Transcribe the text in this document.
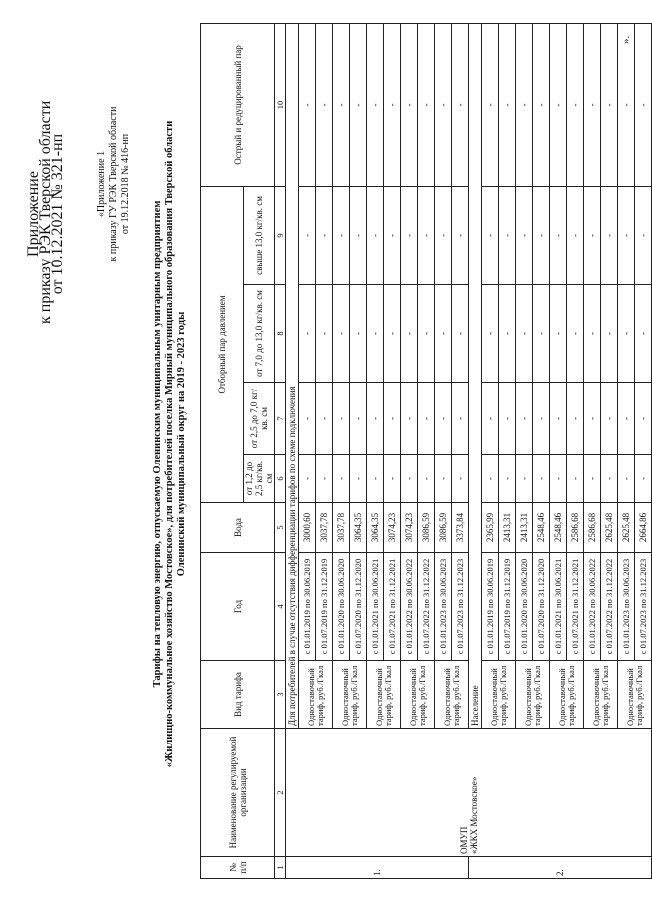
Приложение
к приказу РЭК Тверской области
от 10.12.2021 № 321-нп	«Приложение 1 к приказу ГУ РЭК Тверской области от 19.12.2018 № 416-нп
Тарифы на тепловую энергию, отпускаемую Оленинским муниципальным унитарным предприятием «Жилищно-коммунальное хозяйство Мостовское», для потребителей поселка Мирный муниципального образования Тверской области Оленинский муниципальный округ на 2019 - 2023 годы
№ п/п	Наименование регулируемой организации	Вид тарифа	Год	Вода	Отборный пар давлением				Острый и редуцированный пар
					от 1,2 до 2,5 кг/кв. см	от 2,5 до 7,0 кг/кв. см	от 7,0 до 13,0 кг/кв. см	свыше 13,0 кг/кв. см	
1	2	3	4	5	6	7	8	9	10
1.	ОМУП «ЖКХ Мостовское»	Для потребителей в случае отсутствия дифференциации тарифов по схеме подключения							

		Одноставочный тариф, руб./Гкал	с 01.01.2019 по 30.06.2019	3000,60	-	-	-	-	-
			с 01.07.2019 по 31.12.2019	3037,78	-	-	-	-	-

		Одноставочный тариф, руб./Гкал	с 01.01.2020 по 30.06.2020	3037,78	-	-	-	-	-
			с 01.07.2020 по 31.12.2020	3064,35	-	-	-	-	-

		Одноставочный тариф, руб./Гкал	с 01.01.2021 по 30.06.2021	3064,35	-	-	-	-	-
			с 01.07.2021 по 31.12.2021	3074,23	-	-	-	-	-

		Одноставочный тариф, руб./Гкал	с 01.01.2022 по 30.06.2022	3074,23	-	-	-	-	-
			с 01.07.2022 по 31.12.2022	3086,59	-	-	-	-	-

		Одноставочный тариф, руб./Гкал	с 01.01.2023 по 30.06.2023	3086,59	-	-	-	-	-
			с 01.07.2023 по 31.12.2023	3373,84	-	-	-	-	-
2.		Население							

		Одноставочный тариф, руб./Гкал	с 01.01.2019 по 30.06.2019	2365,99	-	-	-	-	-
			с 01.07.2019 по 31.12.2019	2413,31	-	-	-	-	-

		Одноставочный тариф, руб./Гкал	с 01.01.2020 по 30.06.2020	2413,31	-	-	-	-	-
			с 01.07.2020 по 31.12.2020	2548,46	-	-	-	-	-

		Одноставочный тариф, руб./Гкал	с 01.01.2021 по 30.06.2021	2548,46	-	-	-	-	-
			с 01.07.2021 по 31.12.2021	2586,68	-	-	-	-	-

		Одноставочный тариф, руб./Гкал	с 01.01.2022 по 30.06.2022	2586,68	-	-	-	-	-
			с 01.07.2022 по 31.12.2022	2625,48	-	-	-	-	-

		Одноставочный тариф, руб./Гкал	с 01.01.2023 по 30.06.2023	2625,48	-	-	-	-	-
			с 01.07.2023 по 31.12.2023	2664,86	-	-	-	-	-
».
